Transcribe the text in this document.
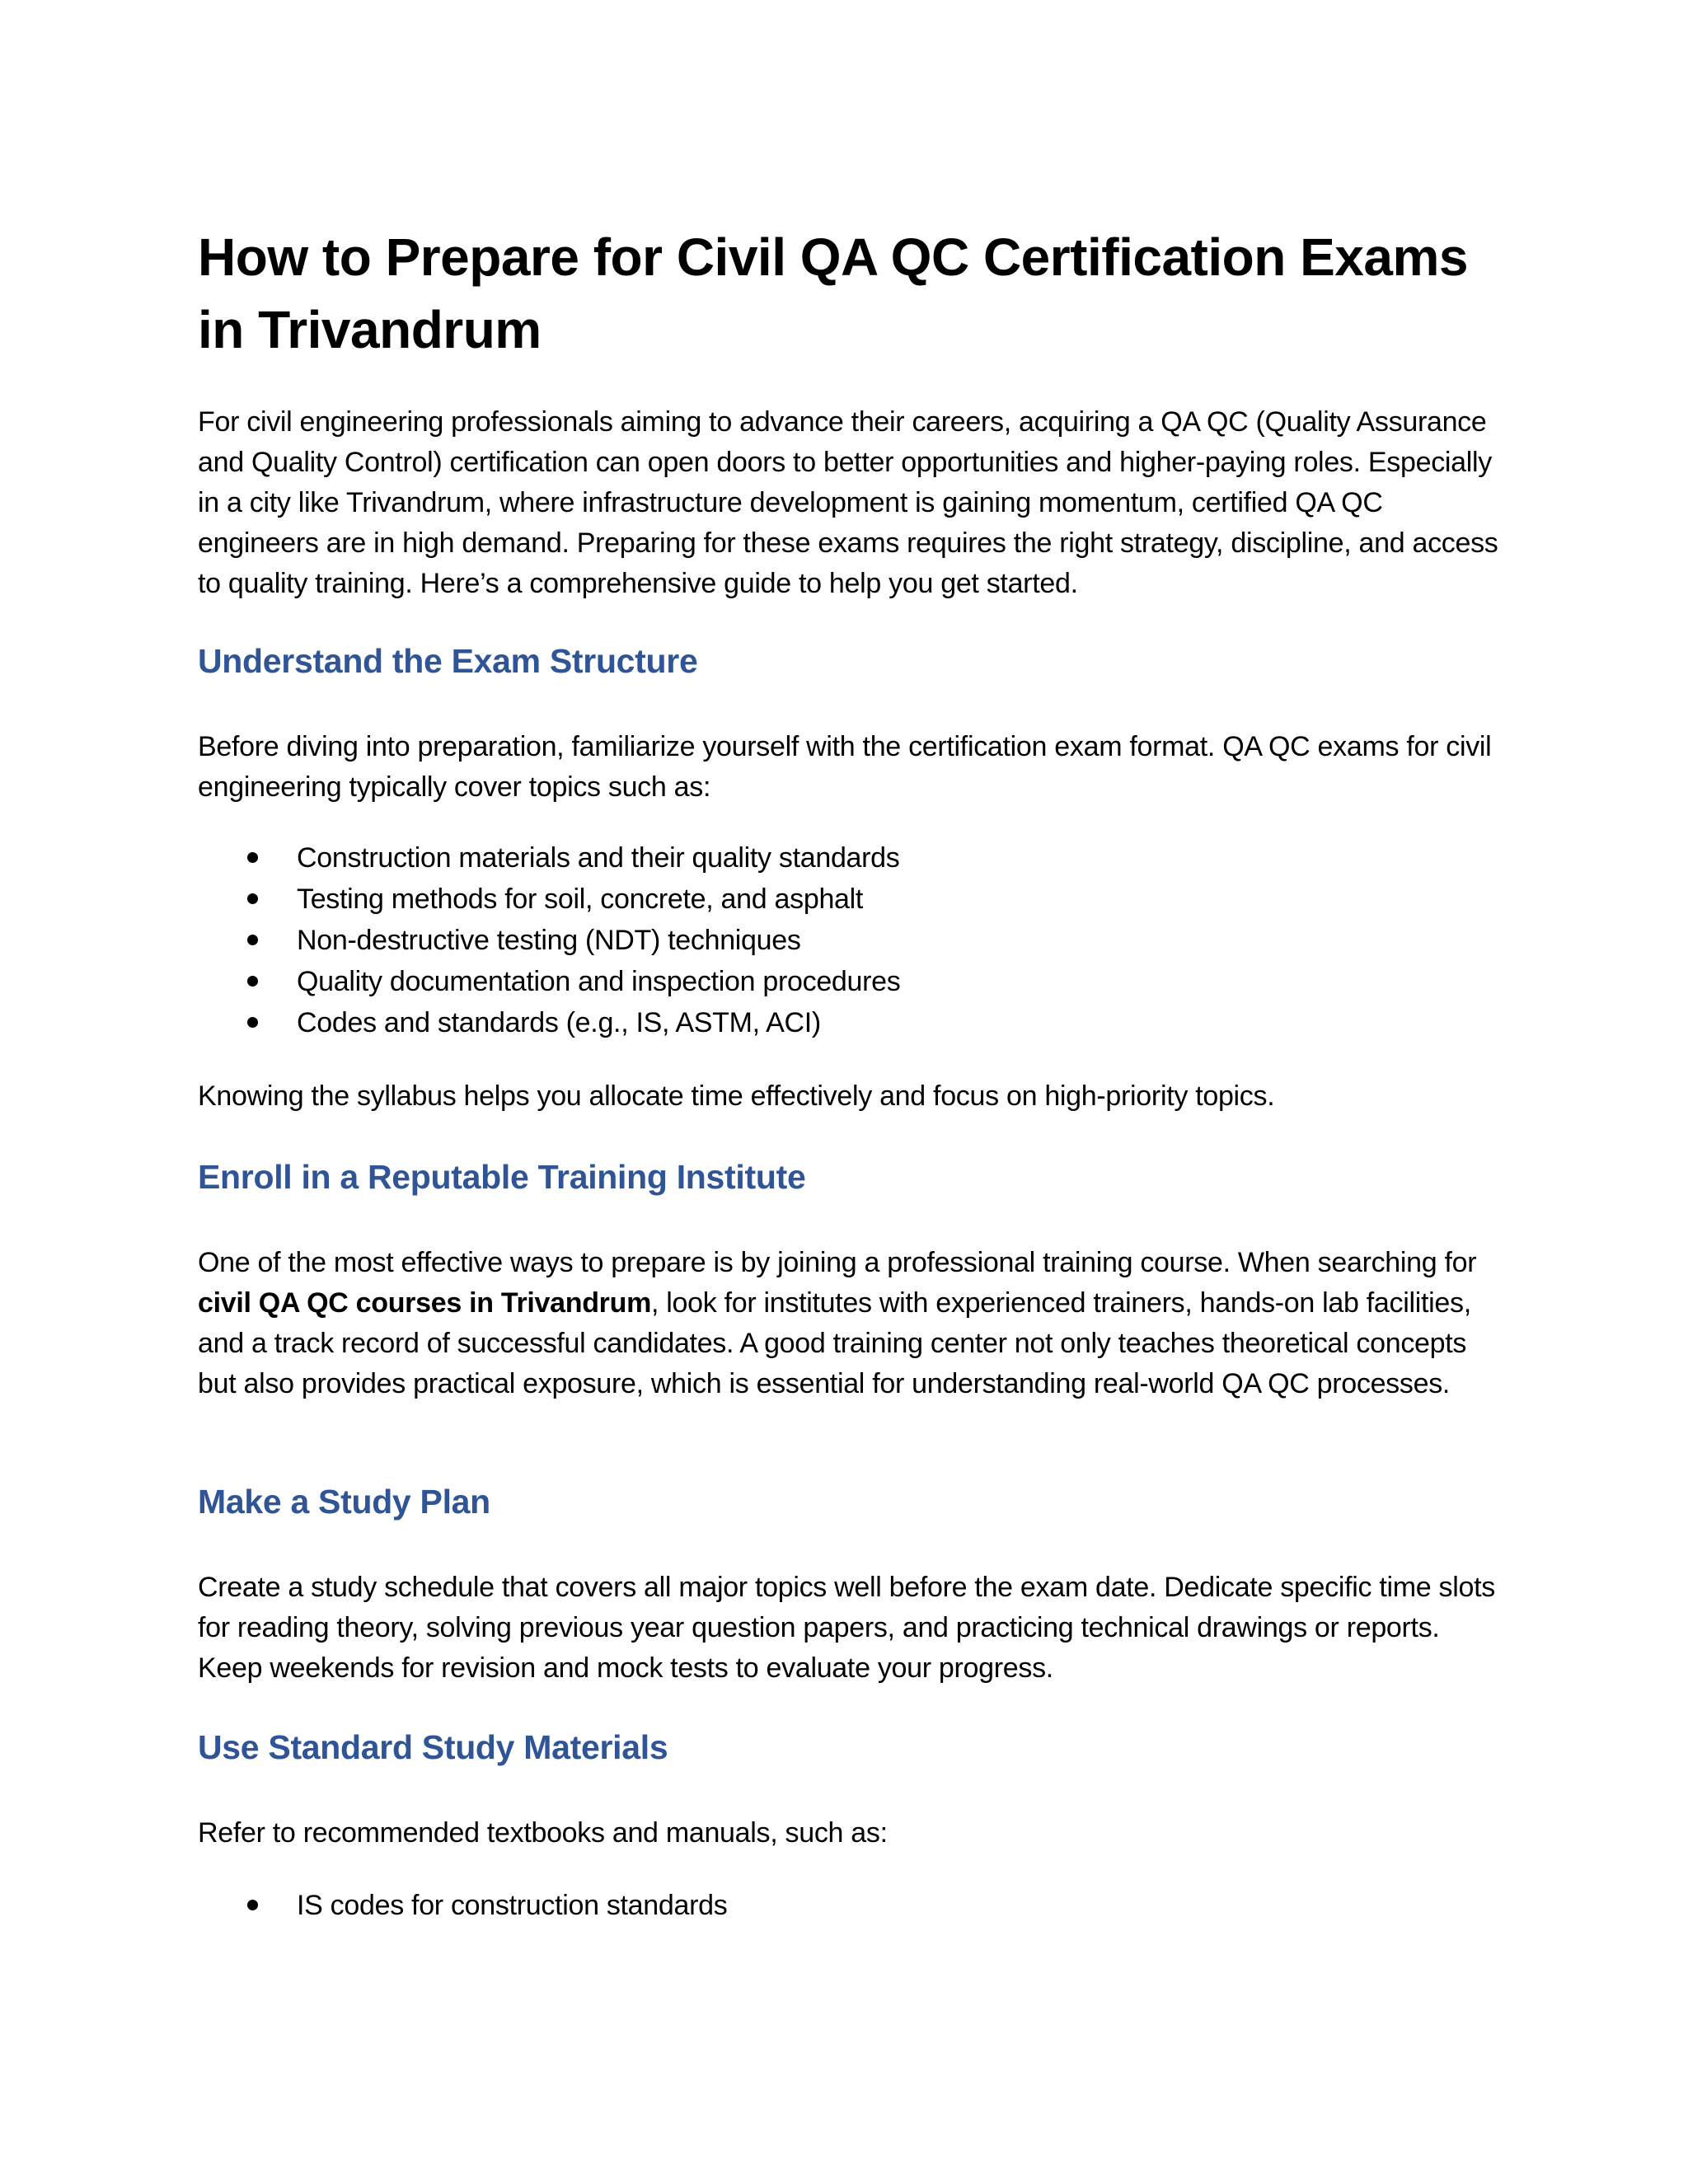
How to Prepare for Civil QA QC Certification Exams in Trivandrum

For civil engineering professionals aiming to advance their careers, acquiring a QA QC (Quality Assurance and Quality Control) certification can open doors to better opportunities and higher-paying roles. Especially in a city like Trivandrum, where infrastructure development is gaining momentum, certified QA QC engineers are in high demand. Preparing for these exams requires the right strategy, discipline, and access to quality training. Here’s a comprehensive guide to help you get started.

Understand the Exam Structure

Before diving into preparation, familiarize yourself with the certification exam format. QA QC exams for civil engineering typically cover topics such as:

Construction materials and their quality standards
Testing methods for soil, concrete, and asphalt
Non-destructive testing (NDT) techniques
Quality documentation and inspection procedures
Codes and standards (e.g., IS, ASTM, ACI)

Knowing the syllabus helps you allocate time effectively and focus on high-priority topics.

Enroll in a Reputable Training Institute

One of the most effective ways to prepare is by joining a professional training course. When searching for civil QA QC courses in Trivandrum, look for institutes with experienced trainers, hands-on lab facilities, and a track record of successful candidates. A good training center not only teaches theoretical concepts but also provides practical exposure, which is essential for understanding real-world QA QC processes.

Make a Study Plan

Create a study schedule that covers all major topics well before the exam date. Dedicate specific time slots for reading theory, solving previous year question papers, and practicing technical drawings or reports. Keep weekends for revision and mock tests to evaluate your progress.

Use Standard Study Materials

Refer to recommended textbooks and manuals, such as:

IS codes for construction standards
